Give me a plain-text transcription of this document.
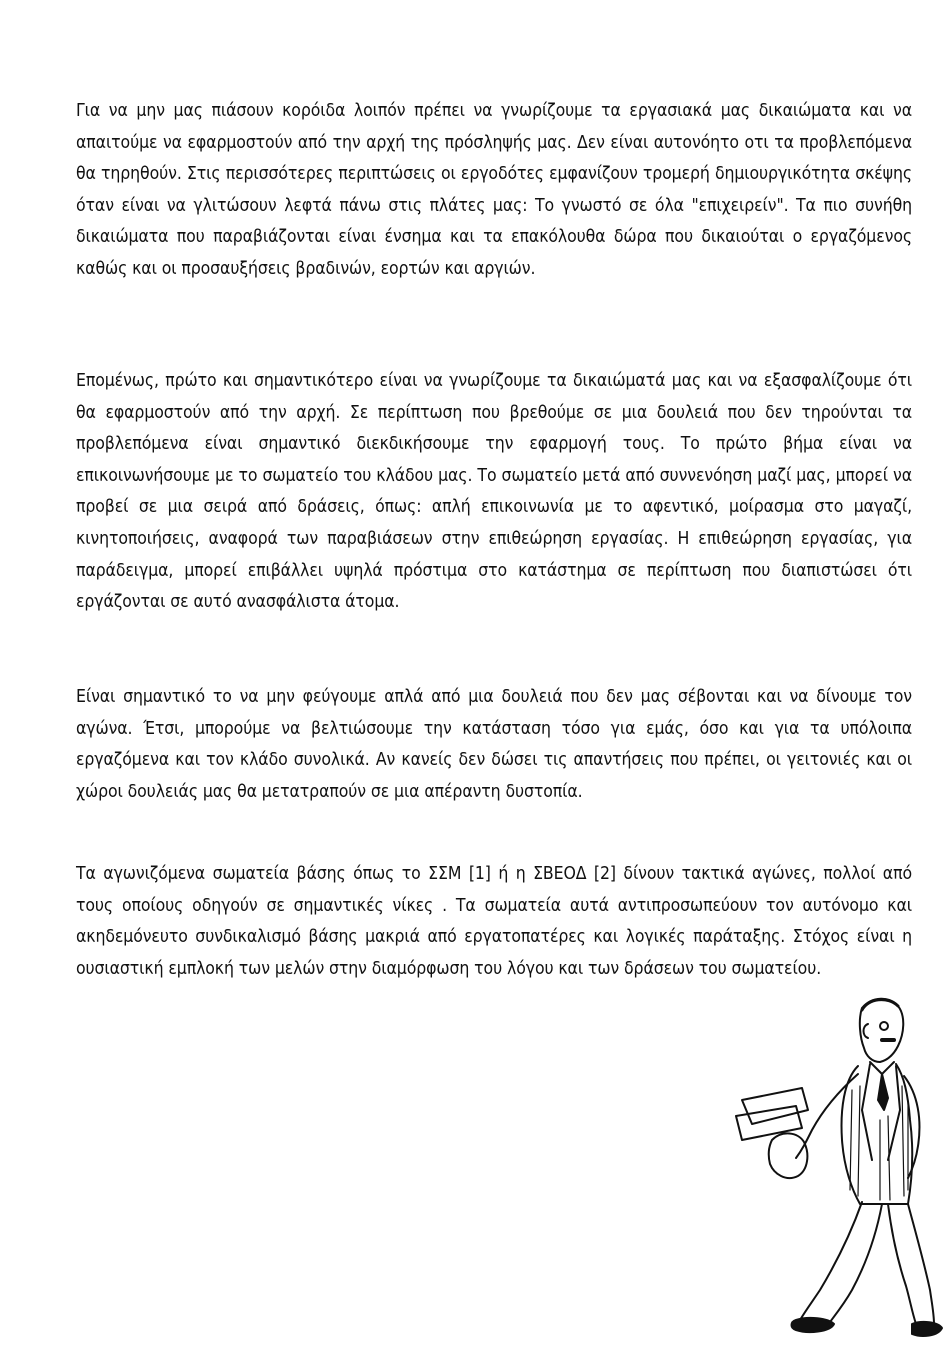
Για να μην μας πιάσουν κορόιδα λοιπόν πρέπει να γνωρίζουμε τα εργασιακά μας δικαιώματα και να απαιτούμε να εφαρμοστούν από την αρχή της πρόσληψής μας. Δεν είναι αυτονόητο οτι τα προβλεπόμενα θα τηρηθούν. Στις περισσότερες περιπτώσεις οι εργοδότες εμφανίζουν τρομερή δημιουργικότητα σκέψης όταν είναι να γλιτώσουν λεφτά πάνω στις πλάτες μας: Το γνωστό σε όλα "επιχειρείν". Τα πιο συνήθη δικαιώματα που παραβιάζονται είναι ένσημα και τα επακόλουθα δώρα που δικαιούται ο εργαζόμενος καθώς και οι προσαυξήσεις βραδινών, εορτών και αργιών.

Επομένως, πρώτο και σημαντικότερο είναι να γνωρίζουμε τα δικαιώματά μας και να εξασφαλίζουμε ότι θα εφαρμοστούν από την αρχή. Σε περίπτωση που βρεθούμε σε μια δουλειά που δεν τηρούνται τα προβλεπόμενα είναι σημαντικό διεκδικήσουμε την εφαρμογή τους. Το πρώτο βήμα είναι να επικοινωνήσουμε με το σωματείο του κλάδου μας. Το σωματείο μετά από συννενόηση μαζί μας, μπορεί να προβεί σε μια σειρά από δράσεις, όπως: απλή επικοινωνία με το αφεντικό, μοίρασμα στο μαγαζί, κινητοποιήσεις, αναφορά των παραβιάσεων στην επιθεώρηση εργασίας. Η επιθεώρηση εργασίας, για παράδειγμα, μπορεί επιβάλλει υψηλά πρόστιμα στο κατάστημα σε περίπτωση που διαπιστώσει ότι εργάζονται σε αυτό ανασφάλιστα άτομα.

Είναι σημαντικό το να μην φεύγουμε απλά από μια δουλειά που δεν μας σέβονται και να δίνουμε τον αγώνα. Έτσι, μπορούμε να βελτιώσουμε την κατάσταση τόσο για εμάς, όσο και για τα υπόλοιπα εργαζόμενα και τον κλάδο συνολικά. Αν κανείς δεν δώσει τις απαντήσεις που πρέπει, οι γειτονιές και οι χώροι δουλειάς μας θα μετατραπούν σε μια απέραντη δυστοπία.

Τα αγωνιζόμενα σωματεία βάσης όπως το ΣΣΜ [1] ή η ΣΒΕΟΔ [2] δίνουν τακτικά αγώνες, πολλοί από τους οποίους οδηγούν σε σημαντικές νίκες . Τα σωματεία αυτά αντιπροσωπεύουν τον αυτόνομο και ακηδεμόνευτο συνδικαλισμό βάσης μακριά από εργατοπατέρες και λογικές παράταξης. Στόχος είναι η ουσιαστική εμπλοκή των μελών στην διαμόρφωση του λόγου και των δράσεων του σωματείου.
